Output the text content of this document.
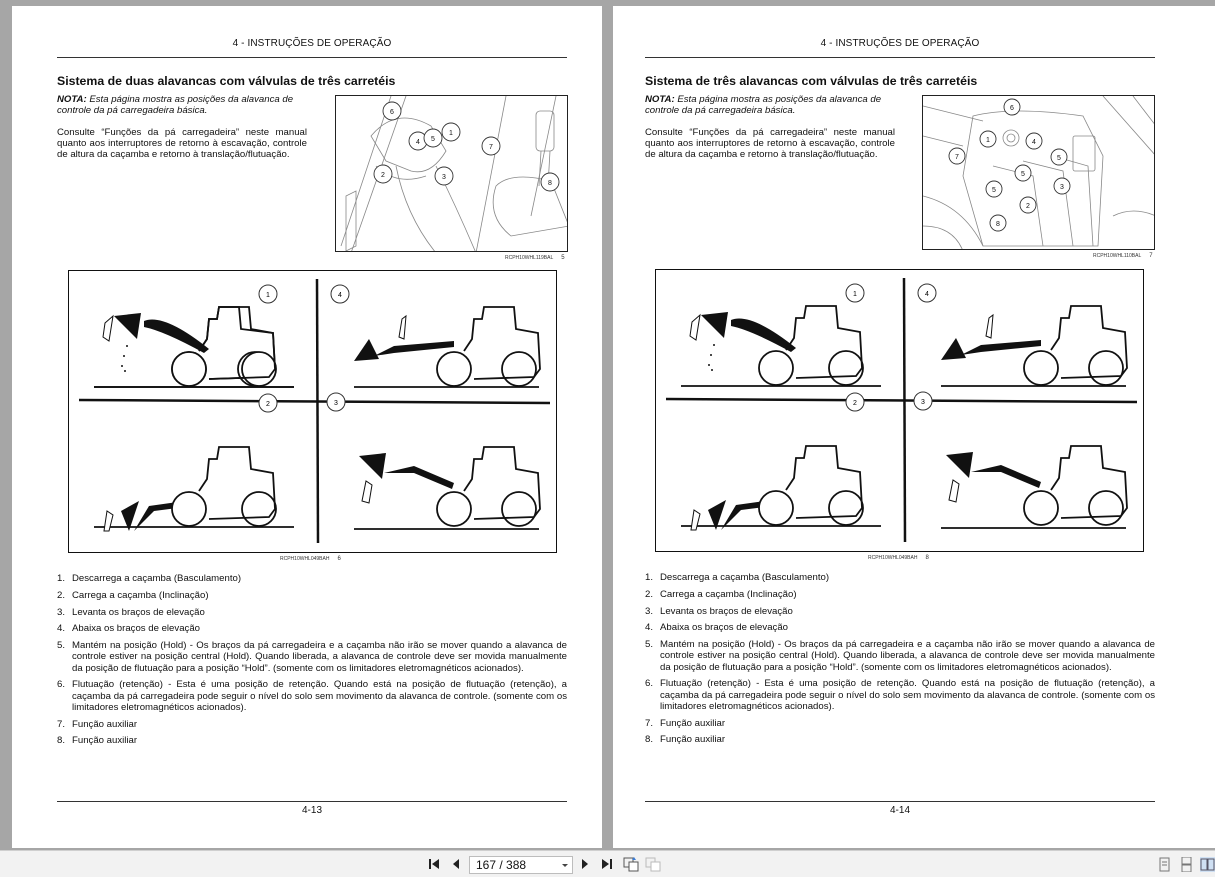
4 - INSTRUÇÕES DE OPERAÇÃO
Sistema de duas alavancas com válvulas de três carretéis
NOTA: Esta página mostra as posições da alavanca de controle da pá carregadeira básica.
Consulte “Funções da pá carregadeira” neste manual quanto aos interruptores de retorno à escavação, controle de altura da caçamba e retorno à translação/flutuação.
6
4 5
1
2	3
7
8
RCPH10WHL119BAL 5
1	4
2	3
RCPH10WHL049BAH 6
1. Descarrega a caçamba (Basculamento)
2. Carrega a caçamba (Inclinação)
3. Levanta os braços de elevação
4. Abaixa os braços de elevação
5. Mantém na posição (Hold) - Os braços da pá carregadeira e a caçamba não irão se mover quando a alavanca de controle estiver na posição central (Hold). Quando liberada, a alavanca de controle deve ser movida manualmente da posição de flutuação para a posição “Hold”. (somente com os limitadores eletromagnéticos acionados).
6. Flutuação (retenção) - Esta é uma posição de retenção. Quando está na posição de flutuação (retenção), a caçamba da pá carregadeira pode seguir o nível do solo sem movimento da alavanca de controle. (somente com os limitadores eletromagnéticos acionados).
7. Função auxiliar
8. Função auxiliar
4-13
4 - INSTRUÇÕES DE OPERAÇÃO
Sistema de três alavancas com válvulas de três carretéis
NOTA: Esta página mostra as posições da alavanca de controle da pá carregadeira básica.
Consulte “Funções da pá carregadeira” neste manual quanto aos interruptores de retorno à escavação, controle de altura da caçamba e retorno à translação/flutuação.
6
1	4
5
7
5
3
5
2
8
RCPH10WHL110BAL 7
1	4
2	3
RCPH10WHL049BAH 8
1. Descarrega a caçamba (Basculamento)
2. Carrega a caçamba (Inclinação)
3. Levanta os braços de elevação
4. Abaixa os braços de elevação
5. Mantém na posição (Hold) - Os braços da pá carregadeira e a caçamba não irão se mover quando a alavanca de controle estiver na posição central (Hold). Quando liberada, a alavanca de controle deve ser movida manualmente da posição de flutuação para a posição “Hold”. (somente com os limitadores eletromagnéticos acionados).
6. Flutuação (retenção) - Esta é uma posição de retenção. Quando está na posição de flutuação (retenção), a caçamba da pá carregadeira pode seguir o nível do solo sem movimento da alavanca de controle. (somente com os limitadores eletromagnéticos acionados).
7. Função auxiliar
8. Função auxiliar
4-14
167 / 388
